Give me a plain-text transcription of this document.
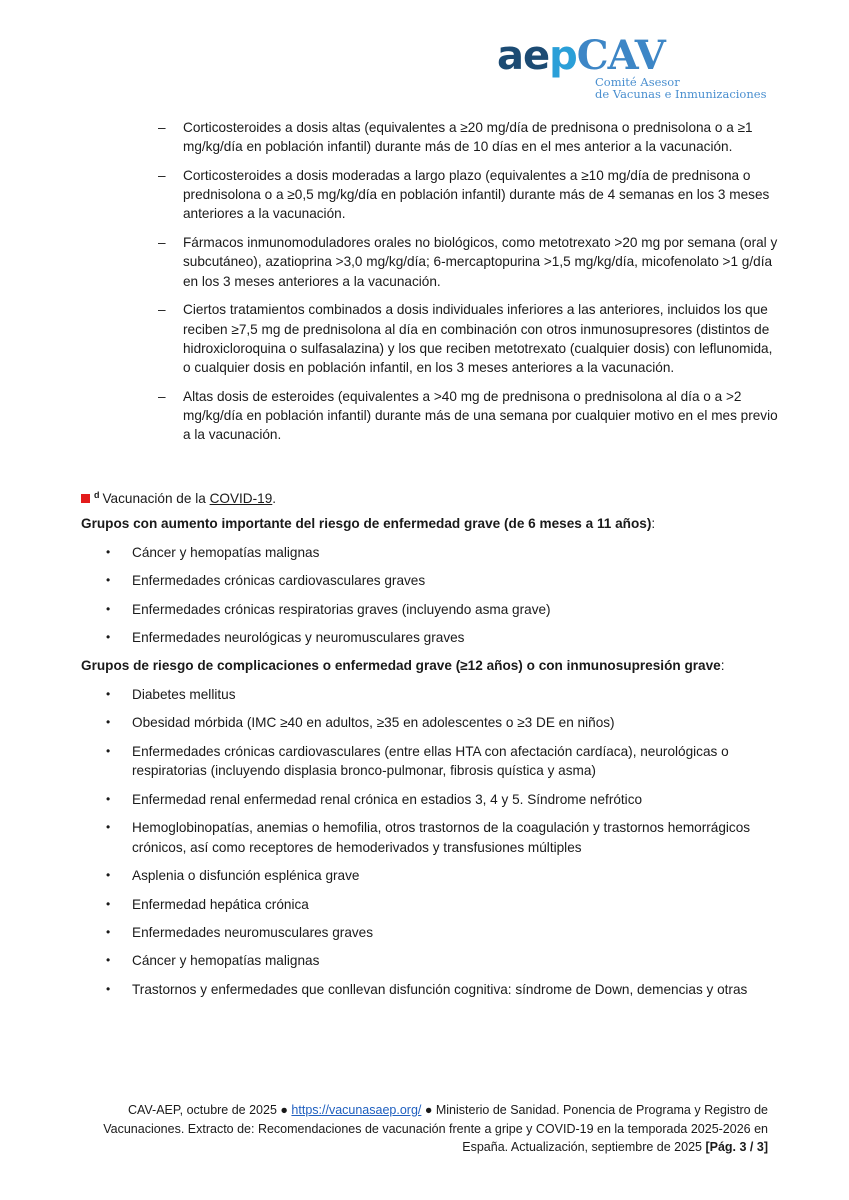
aepCAV
Comité Asesor
de Vacunas e Inmunizaciones
– Corticosteroides a dosis altas (equivalentes a ≥20 mg/día de prednisona o prednisolona o a ≥1 mg/kg/día en población infantil) durante más de 10 días en el mes anterior a la vacunación.
– Corticosteroides a dosis moderadas a largo plazo (equivalentes a ≥10 mg/día de prednisona o prednisolona o a ≥0,5 mg/kg/día en población infantil) durante más de 4 semanas en los 3 meses anteriores a la vacunación.
– Fármacos inmunomoduladores orales no biológicos, como metotrexato >20 mg por semana (oral y subcutáneo), azatioprina >3,0 mg/kg/día; 6-mercaptopurina >1,5 mg/kg/día, micofenolato >1 g/día en los 3 meses anteriores a la vacunación.
– Ciertos tratamientos combinados a dosis individuales inferiores a las anteriores, incluidos los que reciben ≥7,5 mg de prednisolona al día en combinación con otros inmunosupresores (distintos de hidroxicloroquina o sulfasalazina) y los que reciben metotrexato (cualquier dosis) con leflunomida, o cualquier dosis en población infantil, en los 3 meses anteriores a la vacunación.
– Altas dosis de esteroides (equivalentes a >40 mg de prednisona o prednisolona al día o a >2 mg/kg/día en población infantil) durante más de una semana por cualquier motivo en el mes previo a la vacunación.
$^d$ Vacunación de la COVID-19.
Grupos con aumento importante del riesgo de enfermedad grave (de 6 meses a 11 años):
• Cáncer y hemopatías malignas
• Enfermedades crónicas cardiovasculares graves
• Enfermedades crónicas respiratorias graves (incluyendo asma grave)
• Enfermedades neurológicas y neuromusculares graves
Grupos de riesgo de complicaciones o enfermedad grave (≥12 años) o con inmunosupresión grave:
• Diabetes mellitus
• Obesidad mórbida (IMC ≥40 en adultos, ≥35 en adolescentes o ≥3 DE en niños)
• Enfermedades crónicas cardiovasculares (entre ellas HTA con afectación cardíaca), neurológicas o respiratorias (incluyendo displasia bronco-pulmonar, fibrosis quística y asma)
• Enfermedad renal enfermedad renal crónica en estadios 3, 4 y 5. Síndrome nefrótico
• Hemoglobinopatías, anemias o hemofilia, otros trastornos de la coagulación y trastornos hemorrágicos crónicos, así como receptores de hemoderivados y transfusiones múltiples
• Asplenia o disfunción esplénica grave
• Enfermedad hepática crónica
• Enfermedades neuromusculares graves
• Cáncer y hemopatías malignas
• Trastornos y enfermedades que conllevan disfunción cognitiva: síndrome de Down, demencias y otras
CAV-AEP, octubre de 2025 ● https://vacunasaep.org/ ● Ministerio de Sanidad. Ponencia de Programa y Registro de Vacunaciones. Extracto de: Recomendaciones de vacunación frente a gripe y COVID-19 en la temporada 2025-2026 en España. Actualización, septiembre de 2025 [Pág. 3 / 3]
